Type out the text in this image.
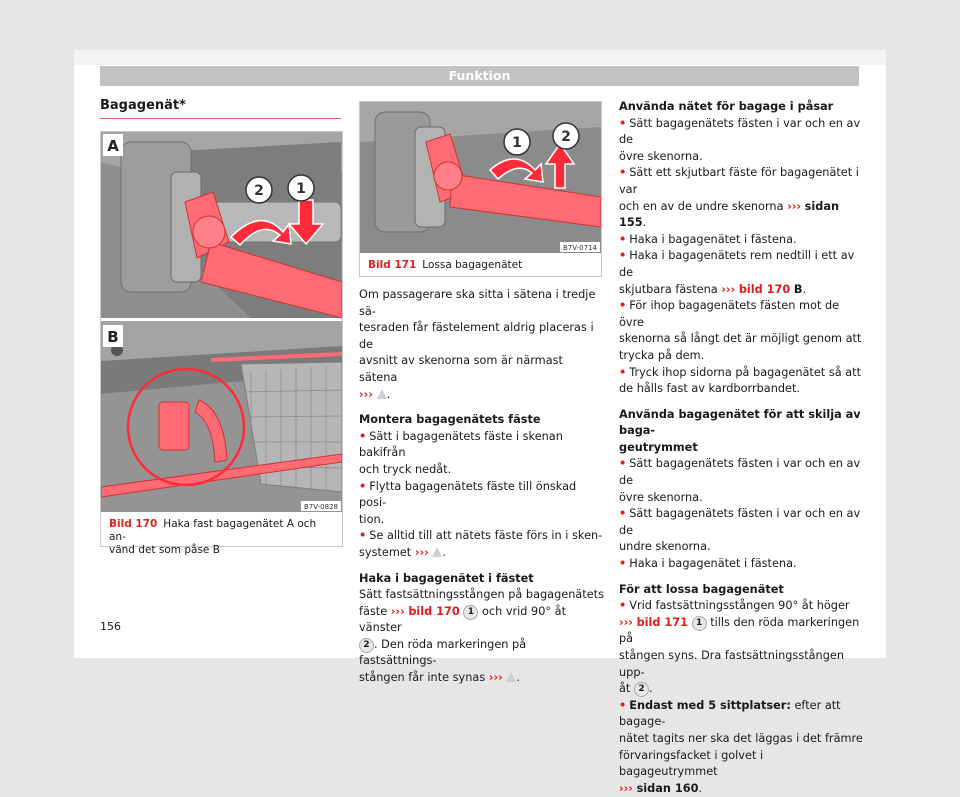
Funktion
Bagagenät*
2 1
A
B
B7V-0828
Bild 170 Haka fast bagagenätet A och an-
vänd det som påse B
1	2
B7V-0714
Bild 171 Lossa bagagenätet

Om passagerare ska sitta i sätena i tredje sä-
tesraden får fästelement aldrig placeras i de
avsnitt av skenorna som är närmast sätena
››› .

Montera bagagenätets fäste

• Sätt i bagagenätets fäste i skenan bakifrån
och tryck nedåt.

• Flytta bagagenätets fäste till önskad posi-
tion.

• Se alltid till att nätets fäste förs in i sken-
systemet ››› .

Haka i bagagenätet i fästet

Sätt fastsättningsstången på bagagenätets
fäste ››› bild 170 1 och vrid 90° åt vänster
2 . Den röda markeringen på fastsättnings-
stången får inte synas ››› .

Använda nätet för bagage i påsar

• Sätt bagagenätets fästen i var och en av de
övre skenorna.

• Sätt ett skjutbart fäste för bagagenätet i var
och en av de undre skenorna ››› sidan 155.

• Haka i bagagenätet i fästena.

• Haka i bagagenätets rem nedtill i ett av de
skjutbara fästena ››› bild 170 B.

• För ihop bagagenätets fästen mot de övre
skenorna så långt det är möjligt genom att
trycka på dem.

• Tryck ihop sidorna på bagagenätet så att
de hålls fast av kardborrbandet.

Använda bagagenätet för att skilja av baga-
geutrymmet

• Sätt bagagenätets fästen i var och en av de
övre skenorna.

• Sätt bagagenätets fästen i var och en av de
undre skenorna.

• Haka i bagagenätet i fästena.

För att lossa bagagenätet

• Vrid fastsättningsstången 90° åt höger
››› bild 171 1 tills den röda markeringen på
stången syns. Dra fastsättningsstången upp-
åt 2 .

• Endast med 5 sittplatser: efter att bagage-
nätet tagits ner ska det läggas i det främre
förvaringsfacket i golvet i bagageutrymmet
››› sidan 160.

156
